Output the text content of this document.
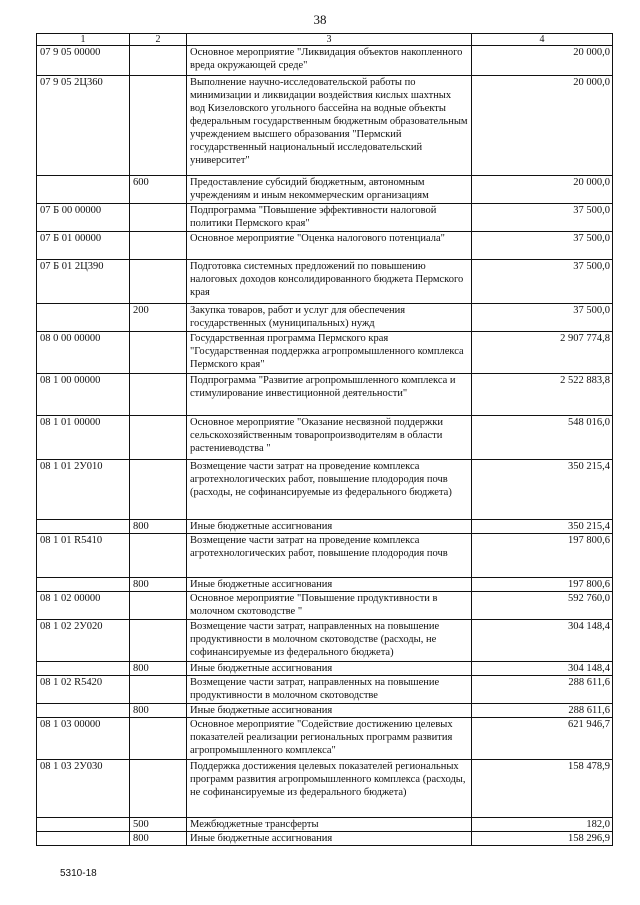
38
1	2	3	4
07 9 05 00000		Основное мероприятие "Ликвидация объектов накопленного вреда окружающей среде"	20 000,0
07 9 05 2Ц360		Выполнение научно-исследовательской работы по минимизации и ликвидации воздействия кислых шахтных вод Кизеловского угольного бассейна на водные объекты федеральным государственным бюджетным образовательным учреждением высшего образования "Пермский государственный национальный исследовательский университет"	20 000,0
	600	Предоставление субсидий бюджетным, автономным учреждениям и иным некоммерческим организациям	20 000,0
07 Б 00 00000		Подпрограмма "Повышение эффективности налоговой политики Пермского края"	37 500,0
07 Б 01 00000		Основное мероприятие "Оценка налогового потенциала"	37 500,0
07 Б 01 2Ц390		Подготовка системных предложений по повышению налоговых доходов консолидированного бюджета Пермского края	37 500,0
	200	Закупка товаров, работ и услуг для обеспечения государственных (муниципальных) нужд	37 500,0
08 0 00 00000		Государственная программа Пермского края "Государственная поддержка агропромышленного комплекса Пермского края"	2 907 774,8
08 1 00 00000		Подпрограмма "Развитие агропромышленного комплекса и стимулирование инвестиционной деятельности"	2 522 883,8
08 1 01 00000		Основное мероприятие "Оказание несвязной поддержки сельскохозяйственным товаропроизводителям в области растениеводства "	548 016,0
08 1 01 2У010		Возмещение части затрат на проведение комплекса агротехнологических работ, повышение плодородия почв (расходы, не софинансируемые из федерального бюджета)	350 215,4
	800	Иные бюджетные ассигнования	350 215,4
08 1 01 R5410		Возмещение части затрат на проведение комплекса агротехнологических работ, повышение плодородия почв	197 800,6
	800	Иные бюджетные ассигнования	197 800,6
08 1 02 00000		Основное мероприятие "Повышение продуктивности в молочном скотоводстве "	592 760,0
08 1 02 2У020		Возмещение части затрат, направленных на повышение продуктивности в молочном скотоводстве (расходы, не софинансируемые из федерального бюджета)	304 148,4
	800	Иные бюджетные ассигнования	304 148,4
08 1 02 R5420		Возмещение части затрат, направленных на повышение продуктивности в молочном скотоводстве	288 611,6
	800	Иные бюджетные ассигнования	288 611,6
08 1 03 00000		Основное мероприятие "Содействие достижению целевых показателей реализации региональных программ развития агропромышленного комплекса"	621 946,7
08 1 03 2У030		Поддержка достижения целевых показателей региональных программ развития агропромышленного комплекса (расходы, не софинансируемые из федерального бюджета)	158 478,9
	500	Межбюджетные трансферты	182,0
	800	Иные бюджетные ассигнования	158 296,9
5310-18
